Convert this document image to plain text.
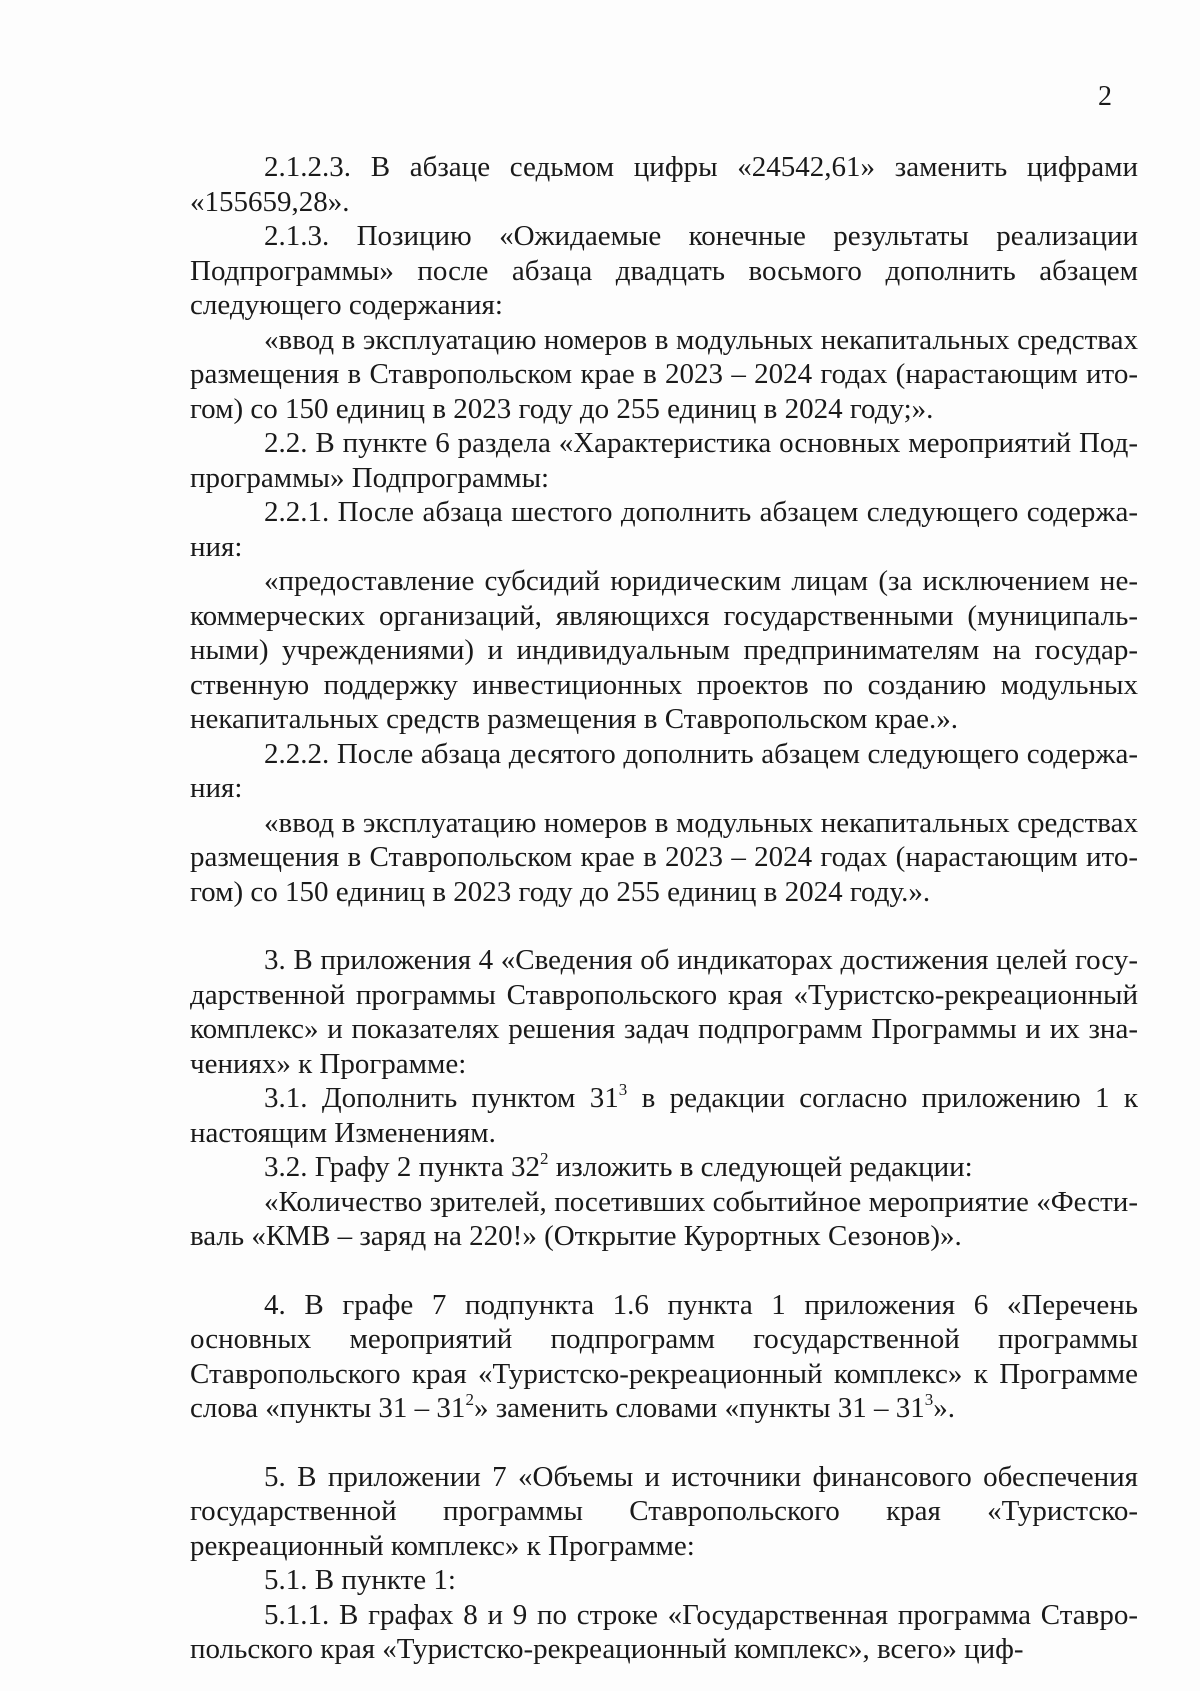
2

2.1.2.3. В абзаце седьмом цифры «24542,61» заменить цифрами «155659,28».

2.1.3. Позицию «Ожидаемые конечные результаты реализации Подпрограммы» после абзаца двадцать восьмого дополнить абзацем следующего содержания:

«ввод в эксплуатацию номеров в модульных некапитальных средствах размещения в Ставропольском крае в 2023 – 2024 годах (нарастающим итогом) со 150 единиц в 2023 году до 255 единиц в 2024 году;».

2.2. В пункте 6 раздела «Характеристика основных мероприятий Подпрограммы» Подпрограммы:

2.2.1. После абзаца шестого дополнить абзацем следующего содержания:

«предоставление субсидий юридическим лицам (за исключением некоммерческих организаций, являющихся государственными (муниципальными) учреждениями) и индивидуальным предпринимателям на государственную поддержку инвестиционных проектов по созданию модульных некапитальных средств размещения в Ставропольском крае.».

2.2.2. После абзаца десятого дополнить абзацем следующего содержания:

«ввод в эксплуатацию номеров в модульных некапитальных средствах размещения в Ставропольском крае в 2023 – 2024 годах (нарастающим итогом) со 150 единиц в 2023 году до 255 единиц в 2024 году.».

3. В приложения 4 «Сведения об индикаторах достижения целей государственной программы Ставропольского края «Туристско-рекреационный комплекс» и показателях решения задач подпрограмм Программы и их значениях» к Программе:

3.1. Дополнить пунктом $31^3$ в редакции согласно приложению 1 к настоящим Изменениям.

3.2. Графу 2 пункта $32^2$ изложить в следующей редакции:

«Количество зрителей, посетивших событийное мероприятие «Фестиваль «КМВ – заряд на 220!» (Открытие Курортных Сезонов)».

4. В графе 7 подпункта 1.6 пункта 1 приложения 6 «Перечень основных мероприятий подпрограмм государственной программы Ставропольского края «Туристско-рекреационный комплекс» к Программе слова «пункты $31 - 31^2$» заменить словами «пункты $31 - 31^3$».

5. В приложении 7 «Объемы и источники финансового обеспечения государственной программы Ставропольского края «Туристско-рекреационный комплекс» к Программе:

5.1. В пункте 1:

5.1.1. В графах 8 и 9 по строке «Государственная программа Ставропольского края «Туристско-рекреационный комплекс», всего» циф-
